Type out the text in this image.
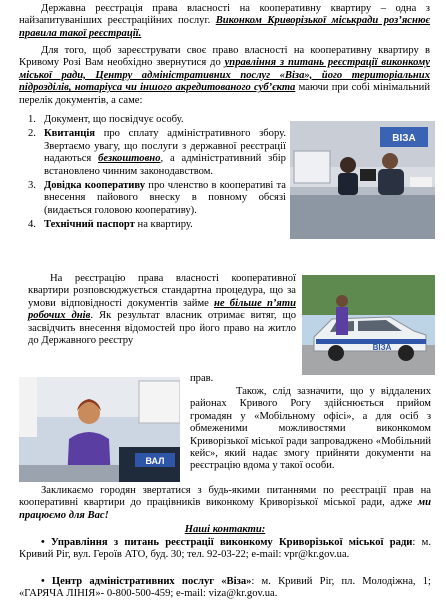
Державна реєстрація права власності на кооперативну квартиру – одна з найзапитуваніших реєстраційних послуг. Виконком Криворізької міськради роз’яснює правила такої реєстрації.

Для того, щоб зареєструвати своє право власності на кооперативну квартиру в Кривому Розі Вам необхідно звернутися до управління з питань реєстрації виконкому міської ради, Центру адміністративних послуг «Віза», його територіальних підрозділів, нотаріуса чи іншого акредитованого суб’єкта маючи при собі мінімальний перелік документів, а саме:

1. Документ, що посвідчує особу.
2. Квитанція про сплату адміністративного збору. Звертаємо увагу, що послуги з державної реєстрації надаються безкоштовно, а адміністративний збір встановлено чинним законодавством.
3. Довідка кооперативу про членство в кооперативі та внесення пайового внеску в повному обсязі (видається головою кооперативу).
4. Технічний паспорт на квартиру.
ВІЗА

На реєстрацію права власності кооперативної квартири розповсюджується стандартна процедура, що за умови відповідності документів займе не більше п’яти робочих днів. Як результат власник отримає витяг, що засвідчить внесення відомостей про його право на житло до Державного реєстру

ВІЗА
ВАЛ
прав.

Також, слід зазначити, що у віддалених районах Кривого Рогу здійснюється прийом громадян у «Мобільному офісі», а для осіб з обмеженими можливостями виконкомом Криворізької міської ради запроваджено «Мобільний кейс», який надає змогу прийняти документи на реєстрацію вдома у такої особи.

Закликаємо городян звертатися з будь-якими питаннями по реєстрації прав на кооперативні квартири до працівників виконкому Криворізької міської ради, адже ми працюємо для Вас!

Наші контакти:

• Управління з питань реєстрації виконкому Криворізької міської ради: м. Кривий Ріг, вул. Героїв АТО, буд. 30; тел. 92-03-22; e-mail: vpr@kr.gov.ua.

• Центр адміністративних послуг «Віза»: м. Кривий Ріг, пл. Молодіжна, 1; «ГАРЯЧА ЛІНІЯ»- 0-800-500-459; e-mail: viza@kr.gov.ua.
